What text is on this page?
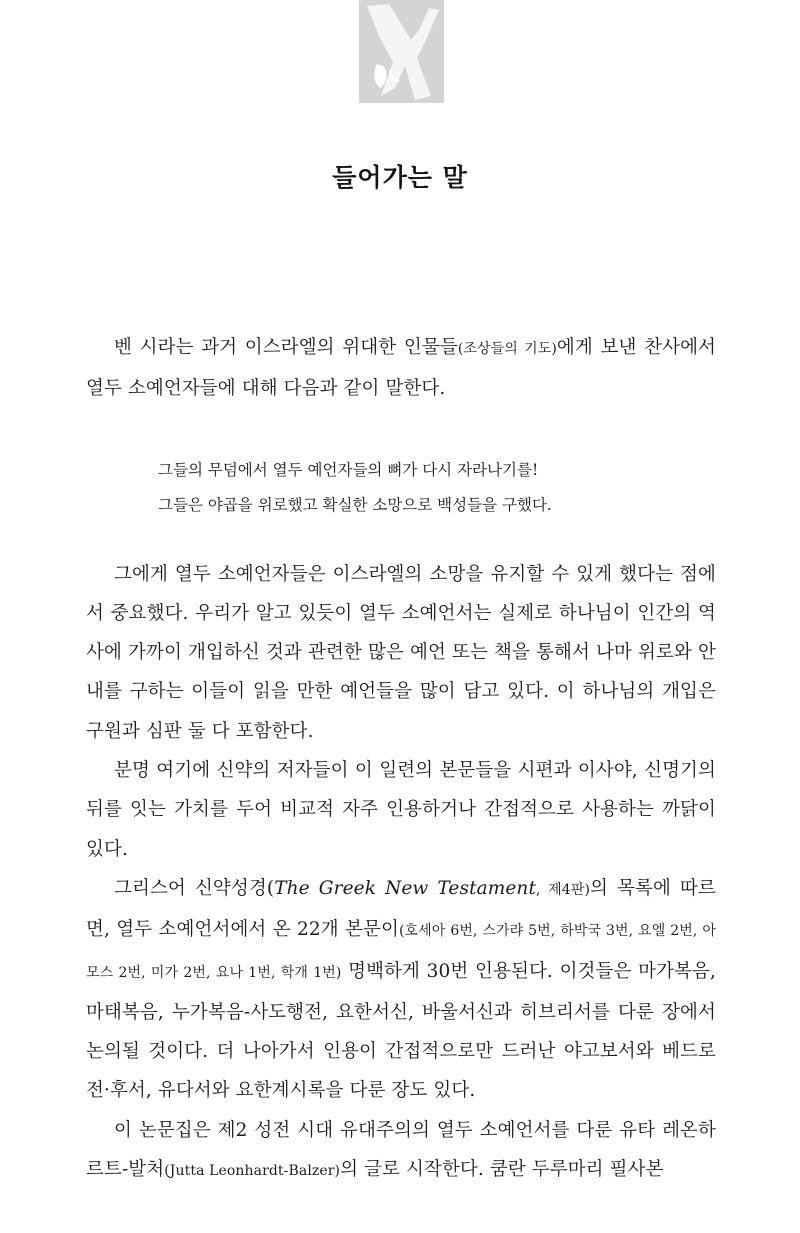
들어가는 말

벤 시라는 과거 이스라엘의 위대한 인물들(조상들의 기도)에게 보낸 찬사에서 열두 소예언자들에 대해 다음과 같이 말한다.

그들의 무덤에서 열두 예언자들의 뼈가 다시 자라나기를!

그들은 야곱을 위로했고 확실한 소망으로 백성들을 구했다.

그에게 열두 소예언자들은 이스라엘의 소망을 유지할 수 있게 했다는 점에서 중요했다. 우리가 알고 있듯이 열두 소예언서는 실제로 하나님이 인간의 역사에 가까이 개입하신 것과 관련한 많은 예언 또는 책을 통해서 나마 위로와 안내를 구하는 이들이 읽을 만한 예언들을 많이 담고 있다. 이 하나님의 개입은 구원과 심판 둘 다 포함한다.

분명 여기에 신약의 저자들이 이 일련의 본문들을 시편과 이사야, 신명기의 뒤를 잇는 가치를 두어 비교적 자주 인용하거나 간접적으로 사용하는 까닭이 있다.

그리스어 신약성경(The Greek New Testament, 제4판)의 목록에 따르면, 열두 소예언서에서 온 22개 본문이(호세아 6번, 스가랴 5번, 하박국 3번, 요엘 2번, 아모스 2번, 미가 2번, 요나 1번, 학개 1번) 명백하게 30번 인용된다. 이것들은 마가복음, 마태복음, 누가복음-사도행전, 요한서신, 바울서신과 히브리서를 다룬 장에서 논의될 것이다. 더 나아가서 인용이 간접적으로만 드러난 야고보서와 베드로 전·후서, 유다서와 요한계시록을 다룬 장도 있다.

이 논문집은 제2 성전 시대 유대주의의 열두 소예언서를 다룬 유타 레온하르트-발처(Jutta Leonhardt-Balzer)의 글로 시작한다. 쿰란 두루마리 필사본
